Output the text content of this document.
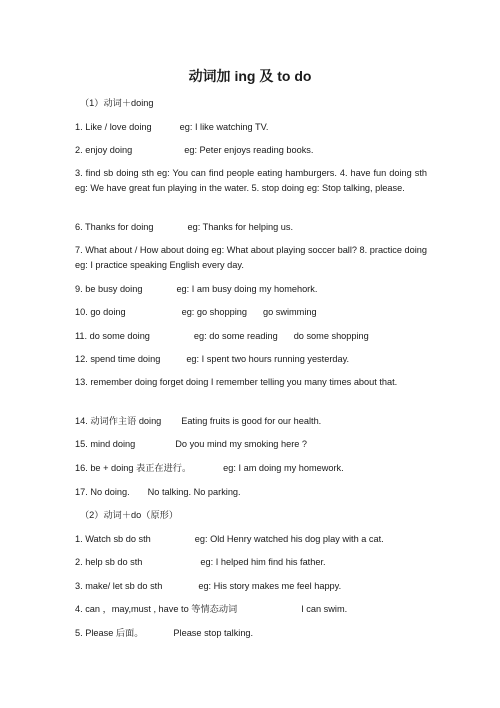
动词加 ing 及 to do
（1）动词＋doing
1. Like / love doing	eg: I like watching TV.
2. enjoy doing	eg: Peter enjoys reading books.
3. find sb doing sth eg: You can find people eating hamburgers. 4. have fun doing sth eg: We have great fun playing in the water. 5. stop doing eg: Stop talking, please.
6. Thanks for doing	eg: Thanks for helping us.
7. What about / How about doing eg: What about playing soccer ball? 8. practice doing eg: I practice speaking English every day.
9. be busy doing	eg: I am busy doing my homehork.
10. go doing	eg: go shopping go swimming
11. do some doing	eg: do some reading do some shopping
12. spend time doing	eg: I spent two hours running yesterday.
13. remember doing forget doing I remember telling you many times about that.
14. 动词作主语 doing Eating fruits is good for our health.
15. mind doing	Do you mind my smoking here ?
16. be + doing 表正在进行。	eg: I am doing my homework.
17. No doing. No talking. No parking.
（2）动词＋do（原形）
1. Watch sb do sth	eg: Old Henry watched his dog play with a cat.
2. help sb do sth	eg: I helped him find his father.
3. make/ let sb do sth	eg: His story makes me feel happy.
4. can ，may,must , have to 等情态动词	I can swim.
5. Please 后面。	Please stop talking.
